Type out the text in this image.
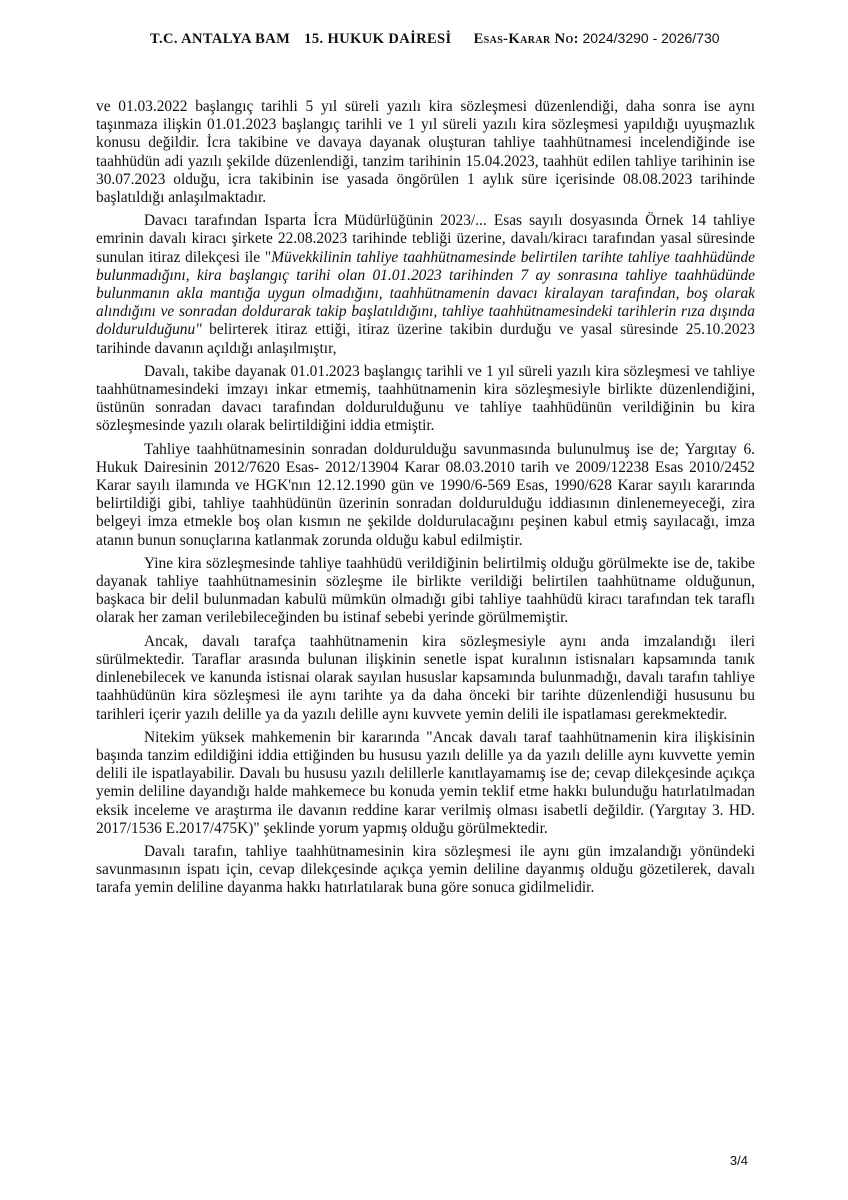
T.C. ANTALYA BAM 15. HUKUK DAİRESİ Esas-Karar No: 2024/3290 - 2026/730

ve 01.03.2022 başlangıç tarihli 5 yıl süreli yazılı kira sözleşmesi düzenlendiği, daha sonra ise aynı taşınmaza ilişkin 01.01.2023 başlangıç tarihli ve 1 yıl süreli yazılı kira sözleşmesi yapıldığı uyuşmazlık konusu değildir. İcra takibine ve davaya dayanak oluşturan tahliye taahhütnamesi incelendiğinde ise taahhüdün adi yazılı şekilde düzenlendiği, tanzim tarihinin 15.04.2023, taahhüt edilen tahliye tarihinin ise 30.07.2023 olduğu, icra takibinin ise yasada öngörülen 1 aylık süre içerisinde 08.08.2023 tarihinde başlatıldığı anlaşılmaktadır.

Davacı tarafından Isparta İcra Müdürlüğünin 2023/... Esas sayılı dosyasında Örnek 14 tahliye emrinin davalı kiracı şirkete 22.08.2023 tarihinde tebliği üzerine, davalı/kiracı tarafından yasal süresinde sunulan itiraz dilekçesi ile "Müvekkilinin tahliye taahhütnamesinde belirtilen tarihte tahliye taahhüdünde bulunmadığını, kira başlangıç tarihi olan 01.01.2023 tarihinden 7 ay sonrasına tahliye taahhüdünde bulunmanın akla mantığa uygun olmadığını, taahhütnamenin davacı kiralayan tarafından, boş olarak alındığını ve sonradan doldurarak takip başlatıldığını, tahliye taahhütnamesindeki tarihlerin rıza dışında doldurulduğunu" belirterek itiraz ettiği, itiraz üzerine takibin durduğu ve yasal süresinde 25.10.2023 tarihinde davanın açıldığı anlaşılmıştır,

Davalı, takibe dayanak 01.01.2023 başlangıç tarihli ve 1 yıl süreli yazılı kira sözleşmesi ve tahliye taahhütnamesindeki imzayı inkar etmemiş, taahhütnamenin kira sözleşmesiyle birlikte düzenlendiğini, üstünün sonradan davacı tarafından doldurulduğunu ve tahliye taahhüdünün verildiğinin bu kira sözleşmesinde yazılı olarak belirtildiğini iddia etmiştir.

Tahliye taahhütnamesinin sonradan doldurulduğu savunmasında bulunulmuş ise de; Yargıtay 6. Hukuk Dairesinin 2012/7620 Esas- 2012/13904 Karar 08.03.2010 tarih ve 2009/12238 Esas 2010/2452 Karar sayılı ilamında ve HGK'nın 12.12.1990 gün ve 1990/6-569 Esas, 1990/628 Karar sayılı kararında belirtildiği gibi, tahliye taahhüdünün üzerinin sonradan doldurulduğu iddiasının dinlenemeyeceği, zira belgeyi imza etmekle boş olan kısmın ne şekilde doldurulacağını peşinen kabul etmiş sayılacağı, imza atanın bunun sonuçlarına katlanmak zorunda olduğu kabul edilmiştir.

Yine kira sözleşmesinde tahliye taahhüdü verildiğinin belirtilmiş olduğu görülmekte ise de, takibe dayanak tahliye taahhütnamesinin sözleşme ile birlikte verildiği belirtilen taahhütname olduğunun, başkaca bir delil bulunmadan kabulü mümkün olmadığı gibi tahliye taahhüdü kiracı tarafından tek taraflı olarak her zaman verilebileceğinden bu istinaf sebebi yerinde görülmemiştir.

Ancak, davalı tarafça taahhütnamenin kira sözleşmesiyle aynı anda imzalandığı ileri sürülmektedir. Taraflar arasında bulunan ilişkinin senetle ispat kuralının istisnaları kapsamında tanık dinlenebilecek ve kanunda istisnai olarak sayılan hususlar kapsamında bulunmadığı, davalı tarafın tahliye taahhüdünün kira sözleşmesi ile aynı tarihte ya da daha önceki bir tarihte düzenlendiği hususunu bu tarihleri içerir yazılı delille ya da yazılı delille aynı kuvvete yemin delili ile ispatlaması gerekmektedir.

Nitekim yüksek mahkemenin bir kararında "Ancak davalı taraf taahhütnamenin kira ilişkisinin başında tanzim edildiğini iddia ettiğinden bu hususu yazılı delille ya da yazılı delille aynı kuvvette yemin delili ile ispatlayabilir. Davalı bu hususu yazılı delillerle kanıtlayamamış ise de; cevap dilekçesinde açıkça yemin deliline dayandığı halde mahkemece bu konuda yemin teklif etme hakkı bulunduğu hatırlatılmadan eksik inceleme ve araştırma ile davanın reddine karar verilmiş olması isabetli değildir. (Yargıtay 3. HD. 2017/1536 E.2017/475K)" şeklinde yorum yapmış olduğu görülmektedir.

Davalı tarafın, tahliye taahhütnamesinin kira sözleşmesi ile aynı gün imzalandığı yönündeki savunmasının ispatı için, cevap dilekçesinde açıkça yemin deliline dayanmış olduğu gözetilerek, davalı tarafa yemin deliline dayanma hakkı hatırlatılarak buna göre sonuca gidilmelidir.

3/4
